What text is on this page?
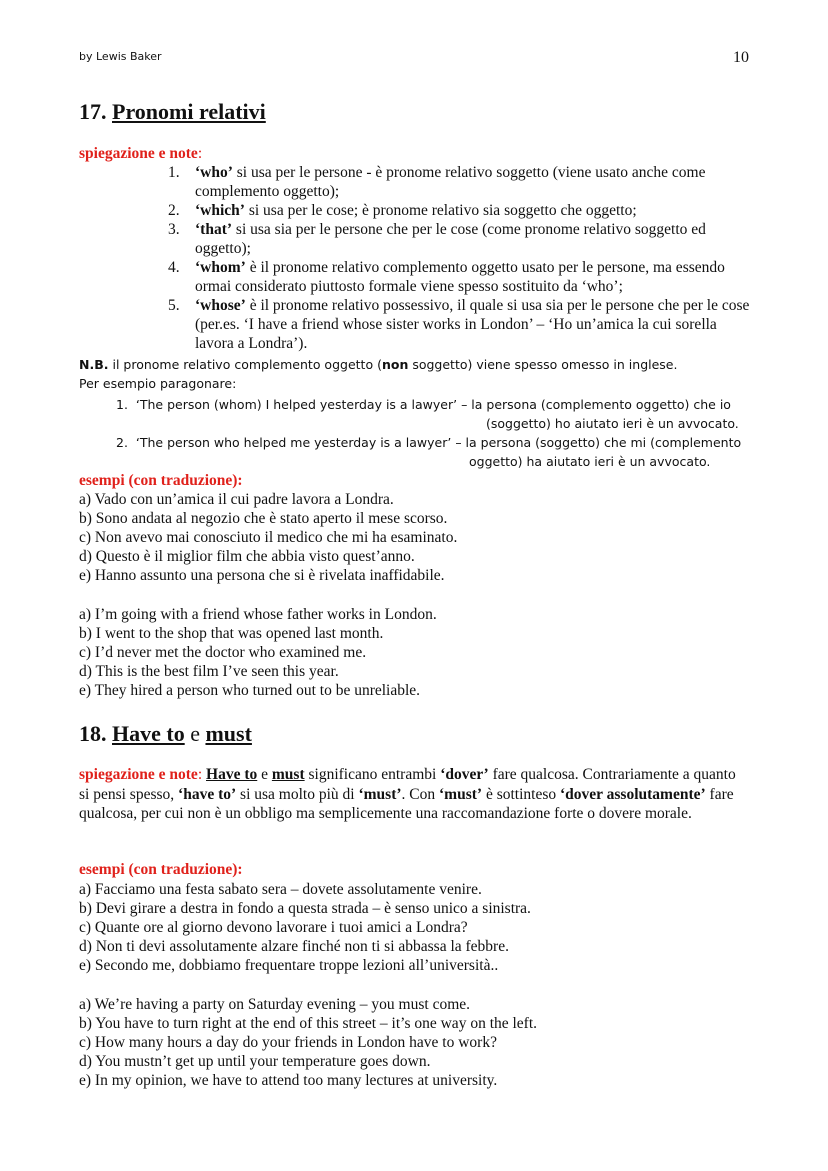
by Lewis Baker	10
17. Pronomi relativi
spiegazione e note:
1. ‘who’ si usa per le persone - è pronome relativo soggetto (viene usato anche come complemento oggetto);
2. ‘which’ si usa per le cose; è pronome relativo sia soggetto che oggetto;
3. ‘that’ si usa sia per le persone che per le cose (come pronome relativo soggetto ed oggetto);
4. ‘whom’ è il pronome relativo complemento oggetto usato per le persone, ma essendo ormai considerato piuttosto formale viene spesso sostituito da ‘who’;
5. ‘whose’ è il pronome relativo possessivo, il quale si usa sia per le persone che per le cose (per.es. ‘I have a friend whose sister works in London’ – ‘Ho un’amica la cui sorella lavora a Londra’).
N.B. il pronome relativo complemento oggetto (non soggetto) viene spesso omesso in inglese.
Per esempio paragonare:
1. ‘The person (whom) I helped yesterday is a lawyer’ – la persona (complemento oggetto) che io
(soggetto) ho aiutato ieri è un avvocato.
2. ‘The person who helped me yesterday is a lawyer’ – la persona (soggetto) che mi (complemento
oggetto) ha aiutato ieri è un avvocato.
esempi (con traduzione):
a) Vado con un’amica il cui padre lavora a Londra.
b) Sono andata al negozio che è stato aperto il mese scorso.
c) Non avevo mai conosciuto il medico che mi ha esaminato.
d) Questo è il miglior film che abbia visto quest’anno.
e) Hanno assunto una persona che si è rivelata inaffidabile.
a) I’m going with a friend whose father works in London.
b) I went to the shop that was opened last month.
c) I’d never met the doctor who examined me.
d) This is the best film I’ve seen this year.
e) They hired a person who turned out to be unreliable.
18. Have to e must
spiegazione e note: Have to e must significano entrambi ‘dover’ fare qualcosa. Contrariamente a quanto si pensi spesso, ‘have to’ si usa molto più di ‘must’. Con ‘must’ è sottinteso ‘dover assolutamente’ fare qualcosa, per cui non è un obbligo ma semplicemente una raccomandazione forte o dovere morale.
esempi (con traduzione):
a) Facciamo una festa sabato sera – dovete assolutamente venire.
b) Devi girare a destra in fondo a questa strada – è senso unico a sinistra.
c) Quante ore al giorno devono lavorare i tuoi amici a Londra?
d) Non ti devi assolutamente alzare finché non ti si abbassa la febbre.
e) Secondo me, dobbiamo frequentare troppe lezioni all’università..
a) We’re having a party on Saturday evening – you must come.
b) You have to turn right at the end of this street – it’s one way on the left.
c) How many hours a day do your friends in London have to work?
d) You mustn’t get up until your temperature goes down.
e) In my opinion, we have to attend too many lectures at university.
